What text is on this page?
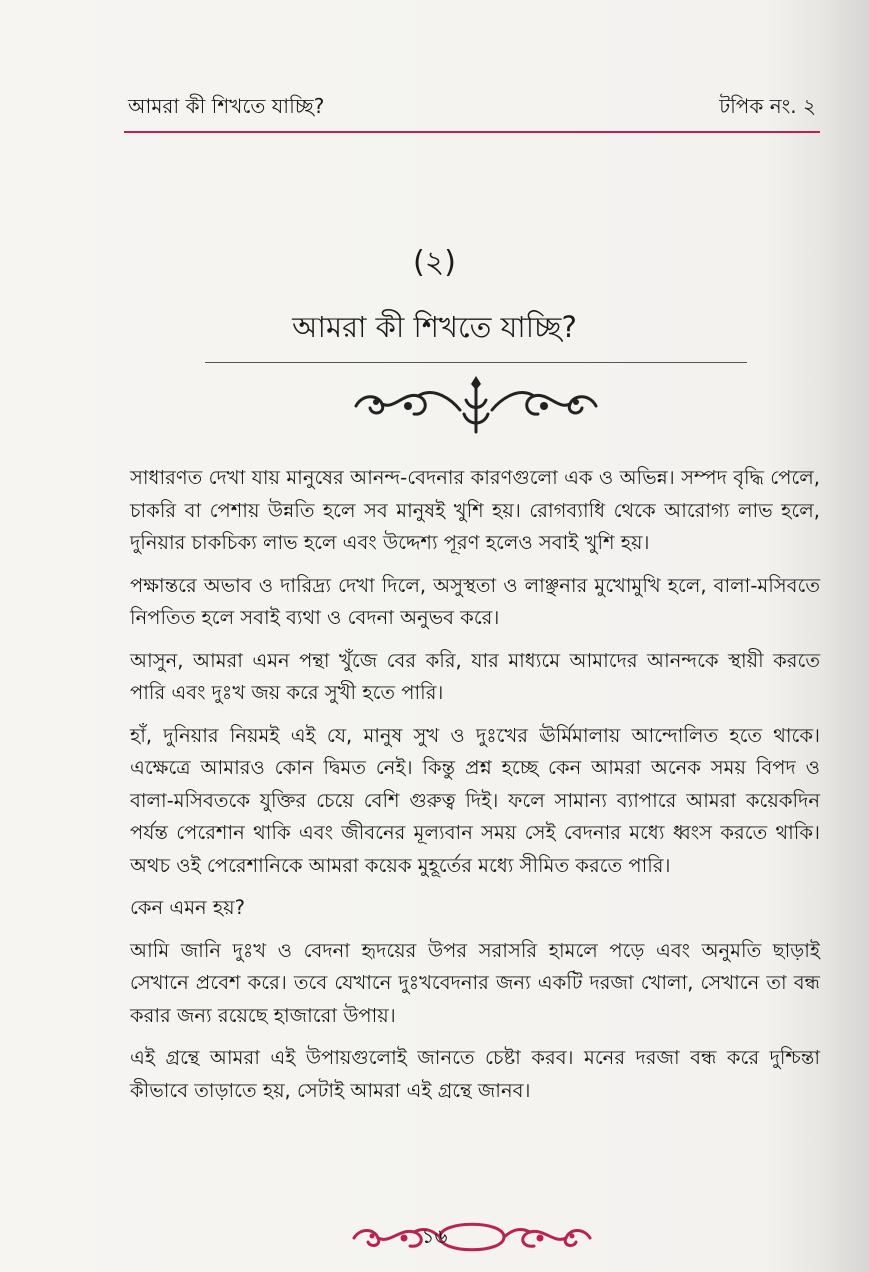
আমরা কী শিখতে যাচ্ছি?	টপিক নং. ২
(২)
আমরা কী শিখতে যাচ্ছি?

সাধারণত দেখা যায় মানুষের আনন্দ-বেদনার কারণগুলো এক ও অভিন্ন। সম্পদ বৃদ্ধি পেলে, চাকরি বা পেশায় উন্নতি হলে সব মানুষই খুশি হয়। রোগব্যাধি থেকে আরোগ্য লাভ হলে, দুনিয়ার চাকচিক্য লাভ হলে এবং উদ্দেশ্য পূরণ হলেও সবাই খুশি হয়।

পক্ষান্তরে অভাব ও দারিদ্র্য দেখা দিলে, অসুস্থতা ও লাঞ্ছনার মুখোমুখি হলে, বালা-মসিবতে নিপতিত হলে সবাই ব্যথা ও বেদনা অনুভব করে।

আসুন, আমরা এমন পন্থা খুঁজে বের করি, যার মাধ্যমে আমাদের আনন্দকে স্থায়ী করতে পারি এবং দুঃখ জয় করে সুখী হতে পারি।

হাঁ, দুনিয়ার নিয়মই এই যে, মানুষ সুখ ও দুঃখের ঊর্মিমালায় আন্দোলিত হতে থাকে। এক্ষেত্রে আমারও কোন দ্বিমত নেই। কিন্তু প্রশ্ন হচ্ছে কেন আমরা অনেক সময় বিপদ ও বালা-মসিবতকে যুক্তির চেয়ে বেশি গুরুত্ব দিই। ফলে সামান্য ব্যাপারে আমরা কয়েকদিন পর্যন্ত পেরেশান থাকি এবং জীবনের মূল্যবান সময় সেই বেদনার মধ্যে ধ্বংস করতে থাকি। অথচ ওই পেরেশানিকে আমরা কয়েক মুহূর্তের মধ্যে সীমিত করতে পারি।

কেন এমন হয়?

আমি জানি দুঃখ ও বেদনা হৃদয়ের উপর সরাসরি হামলে পড়ে এবং অনুমতি ছাড়াই সেখানে প্রবেশ করে। তবে যেখানে দুঃখবেদনার জন্য একটি দরজা খোলা, সেখানে তা বন্ধ করার জন্য রয়েছে হাজারো উপায়।

এই গ্রন্থে আমরা এই উপায়গুলোই জানতে চেষ্টা করব। মনের দরজা বন্ধ করে দুশ্চিন্তা কীভাবে তাড়াতে হয়, সেটাই আমরা এই গ্রন্থে জানব।

১৬
